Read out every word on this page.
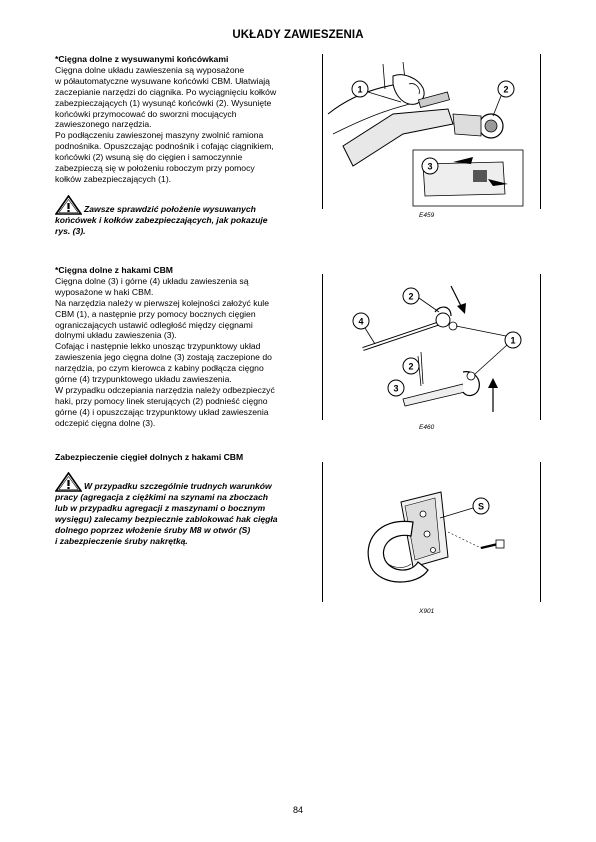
UKŁADY ZAWIESZENIA

*Cięgna dolne z wysuwanymi końcówkami

Cięgna dolne układu zawieszenia są wyposażone
w półautomatyczne wysuwane końcówki CBM. Ułatwiają
zaczepianie narzędzi do ciągnika. Po wyciągnięciu kołków
zabezpieczających (1) wysunąć końcówki (2). Wysunięte
końcówki przymocować do sworzni mocujących
zawieszonego narzędzia.
Po podłączeniu zawieszonej maszyny zwolnić ramiona
podnośnika. Opuszczając podnośnik i cofając ciągnikiem,
końcówki (2) wsuną się do cięgien i samoczynnie
zabezpieczą się w położeniu roboczym przy pomocy
kołków zabezpieczających (1).

Zawsze sprawdzić położenie wysuwanych
końcówek i kołków zabezpieczających, jak pokazuje
rys. (3).
1	2
3
E459

*Cięgna dolne z hakami CBM

Cięgna dolne (3) i górne (4) układu zawieszenia są
wyposażone w haki CBM.
Na narzędzia należy w pierwszej kolejności założyć kule
CBM (1), a następnie przy pomocy bocznych cięgien
ograniczających ustawić odległość między cięgnami
dolnymi układu zawieszenia (3).
Cofając i następnie lekko unosząc trzypunktowy układ
zawieszenia jego cięgna dolne (3) zostają zaczepione do
narzędzia, po czym kierowca z kabiny podłącza cięgno
górne (4) trzypunktowego układu zawieszenia.
W przypadku odczepiania narzędzia należy odbezpieczyć
haki, przy pomocy linek sterujących (2) podnieść cięgno
górne (4) i opuszczając trzypunktowy układ zawieszenia
odczepić cięgna dolne (3).

2
4
1
2
3
E460

Zabezpieczenie cięgieł dolnych z hakami CBM

W przypadku szczególnie trudnych warunków
pracy (agregacja z ciężkimi na szynami na zboczach
lub w przypadku agregacji z maszynami o bocznym
wysięgu) zalecamy bezpiecznie zablokować hak cięgła
dolnego poprzez włożenie śruby M8 w otwór (S)
i zabezpieczenie śruby nakrętką.
S
X901
84
